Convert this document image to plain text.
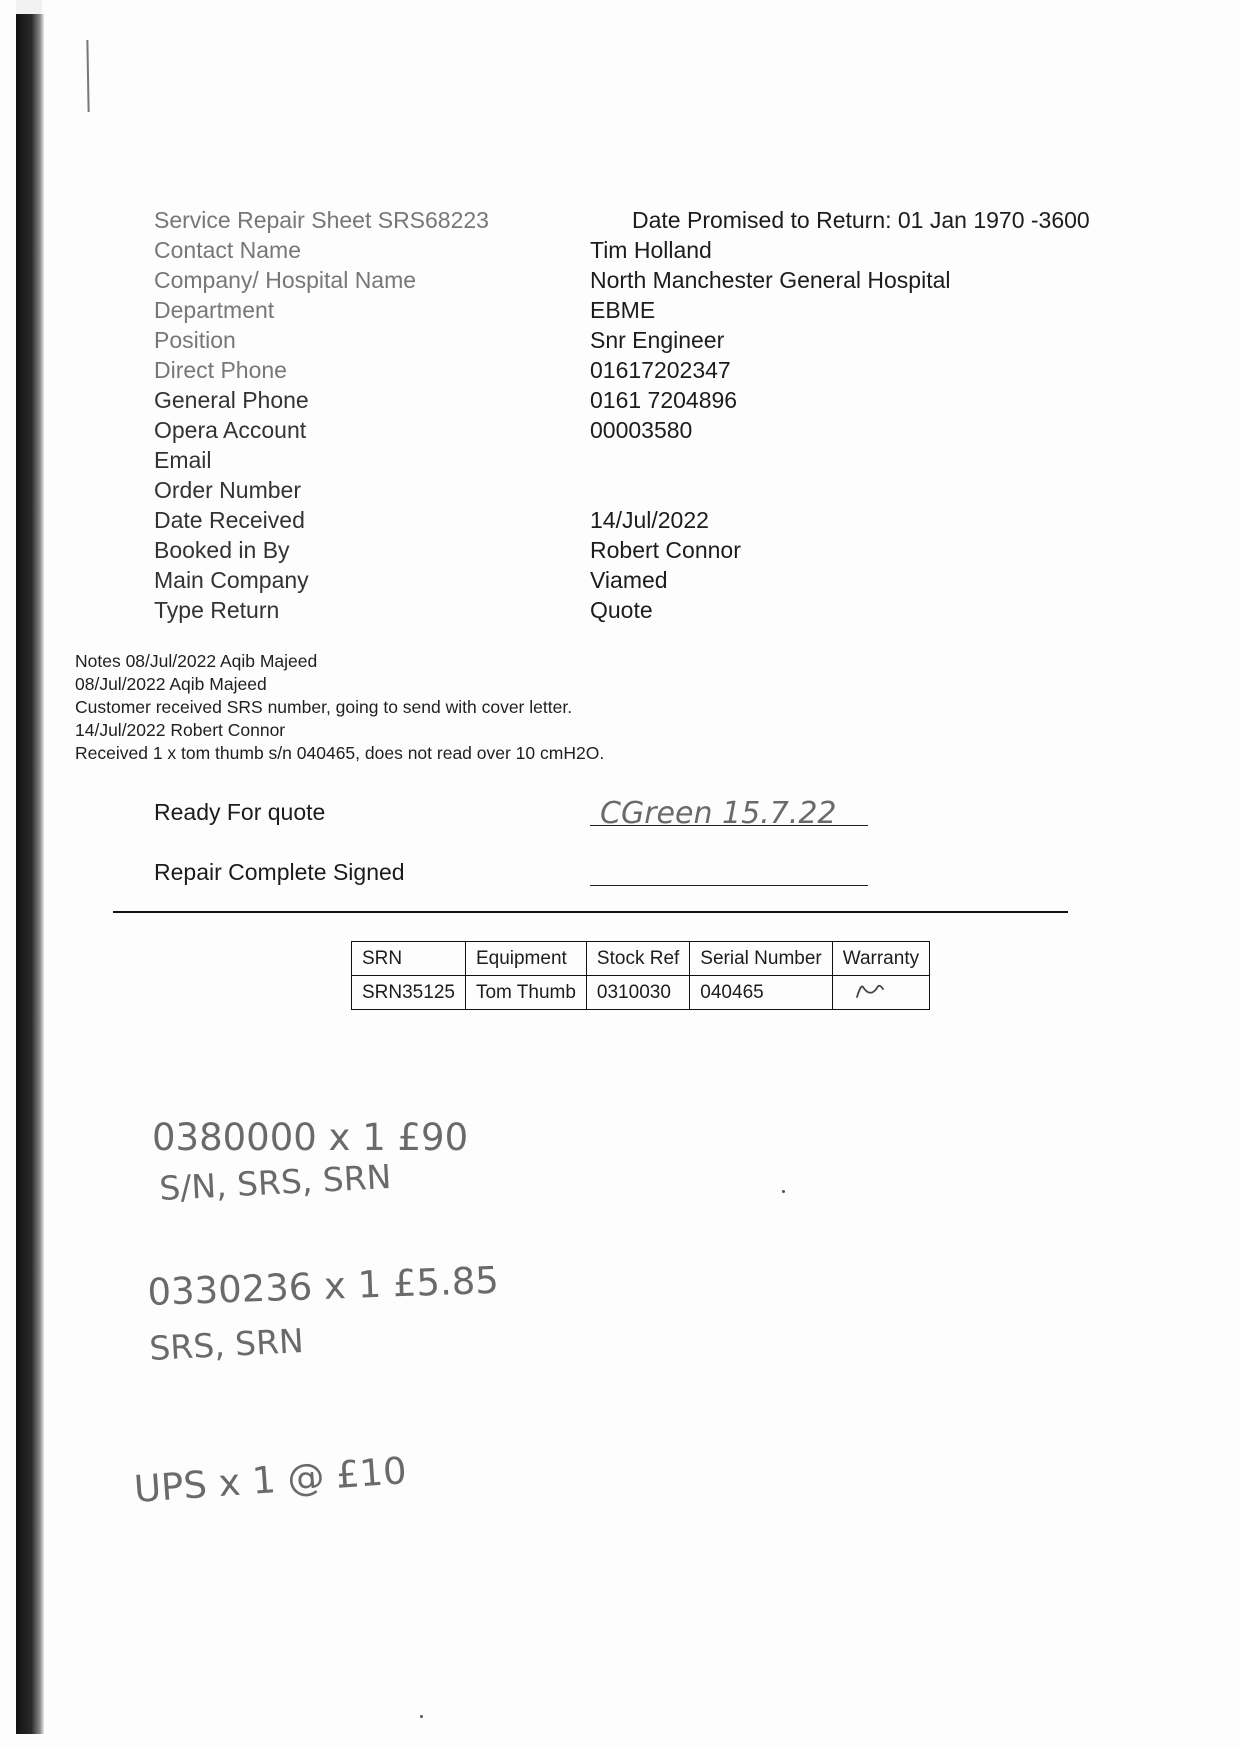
Service Repair Sheet SRS68223	Date Promised to Return: 01 Jan 1970 -3600
Contact Name	Tim Holland
Company/ Hospital Name	North Manchester General Hospital
Department	EBME
Position	Snr Engineer
Direct Phone	01617202347
General Phone	0161 7204896
Opera Account	00003580
Email
Order Number
Date Received	14/Jul/2022
Booked in By	Robert Connor
Main Company	Viamed
Type Return	Quote
Notes 08/Jul/2022 Aqib Majeed
08/Jul/2022 Aqib Majeed
Customer received SRS number, going to send with cover letter.
14/Jul/2022 Robert Connor
Received 1 x tom thumb s/n 040465, does not read over 10 cmH2O.
Ready For quote
Repair Complete Signed
SRN	Equipment	Stock Ref	Serial Number	Warranty
SRN35125	Tom Thumb	0310030	040465	
CGreen 15.7.22
0380000 x 1 £90
S/N, SRS, SRN
0330236 x 1 £5.85
SRS, SRN
UPS x 1 @ £10
